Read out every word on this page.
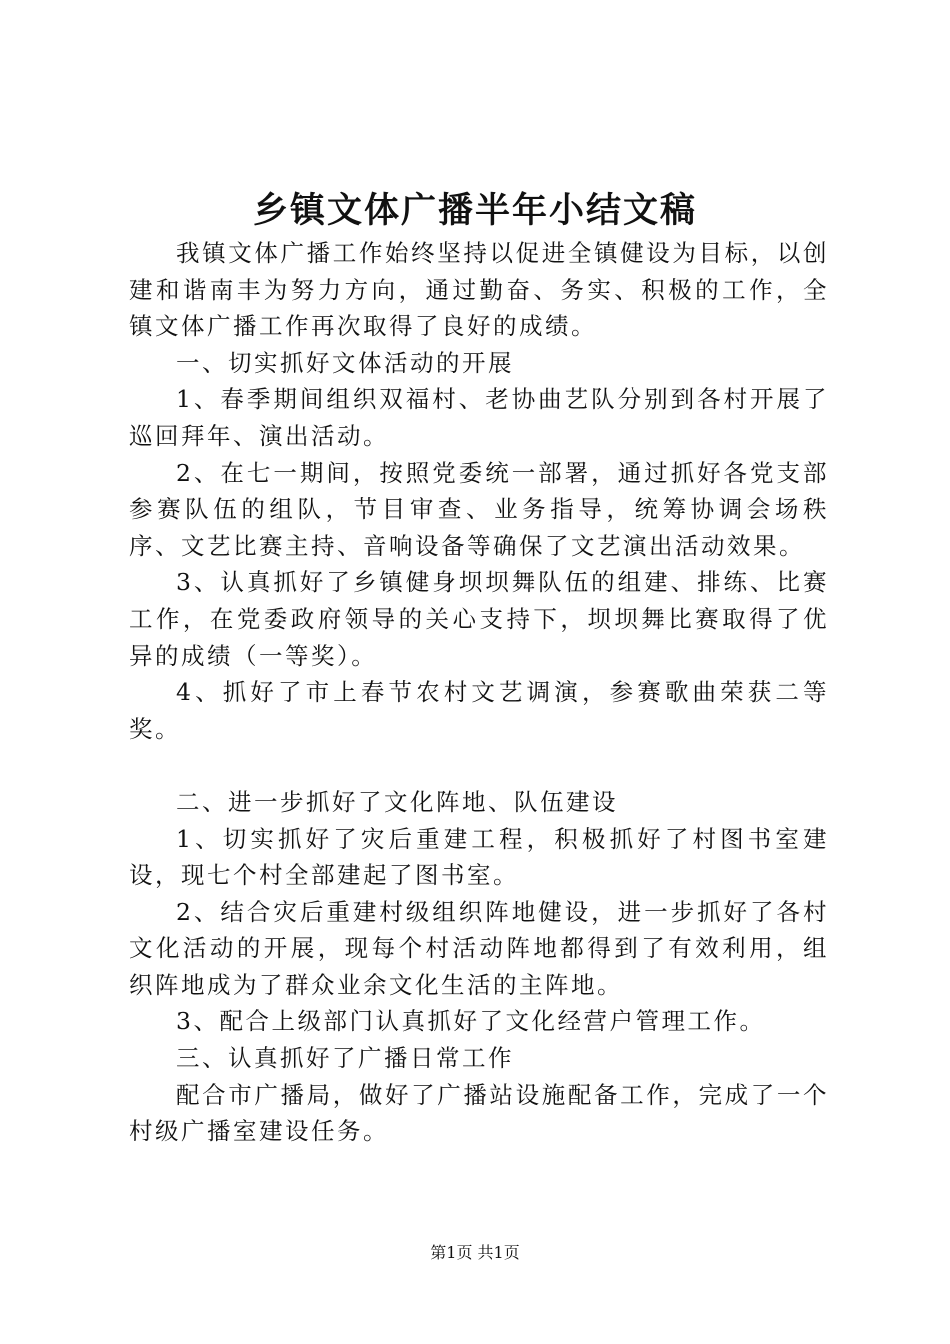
乡镇文体广播半年小结文稿

我镇文体广播工作始终坚持以促进全镇健设为目标，以创建和谐南丰为努力方向，通过勤奋、务实、积极的工作，全镇文体广播工作再次取得了良好的成绩。

一、切实抓好文体活动的开展

1、春季期间组织双福村、老协曲艺队分别到各村开展了巡回拜年、演出活动。

2、在七一期间，按照党委统一部署，通过抓好各党支部参赛队伍的组队，节目审查、业务指导，统筹协调会场秩序、文艺比赛主持、音响设备等确保了文艺演出活动效果。

3、认真抓好了乡镇健身坝坝舞队伍的组建、排练、比赛工作，在党委政府领导的关心支持下，坝坝舞比赛取得了优异的成绩（一等奖）。

4、抓好了市上春节农村文艺调演，参赛歌曲荣获二等奖。

二、进一步抓好了文化阵地、队伍建设

1、切实抓好了灾后重建工程，积极抓好了村图书室建设，现七个村全部建起了图书室。

2、结合灾后重建村级组织阵地健设，进一步抓好了各村文化活动的开展，现每个村活动阵地都得到了有效利用，组织阵地成为了群众业余文化生活的主阵地。

3、配合上级部门认真抓好了文化经营户管理工作。

三、认真抓好了广播日常工作

配合市广播局，做好了广播站设施配备工作，完成了一个村级广播室建设任务。

第1页 共1页
